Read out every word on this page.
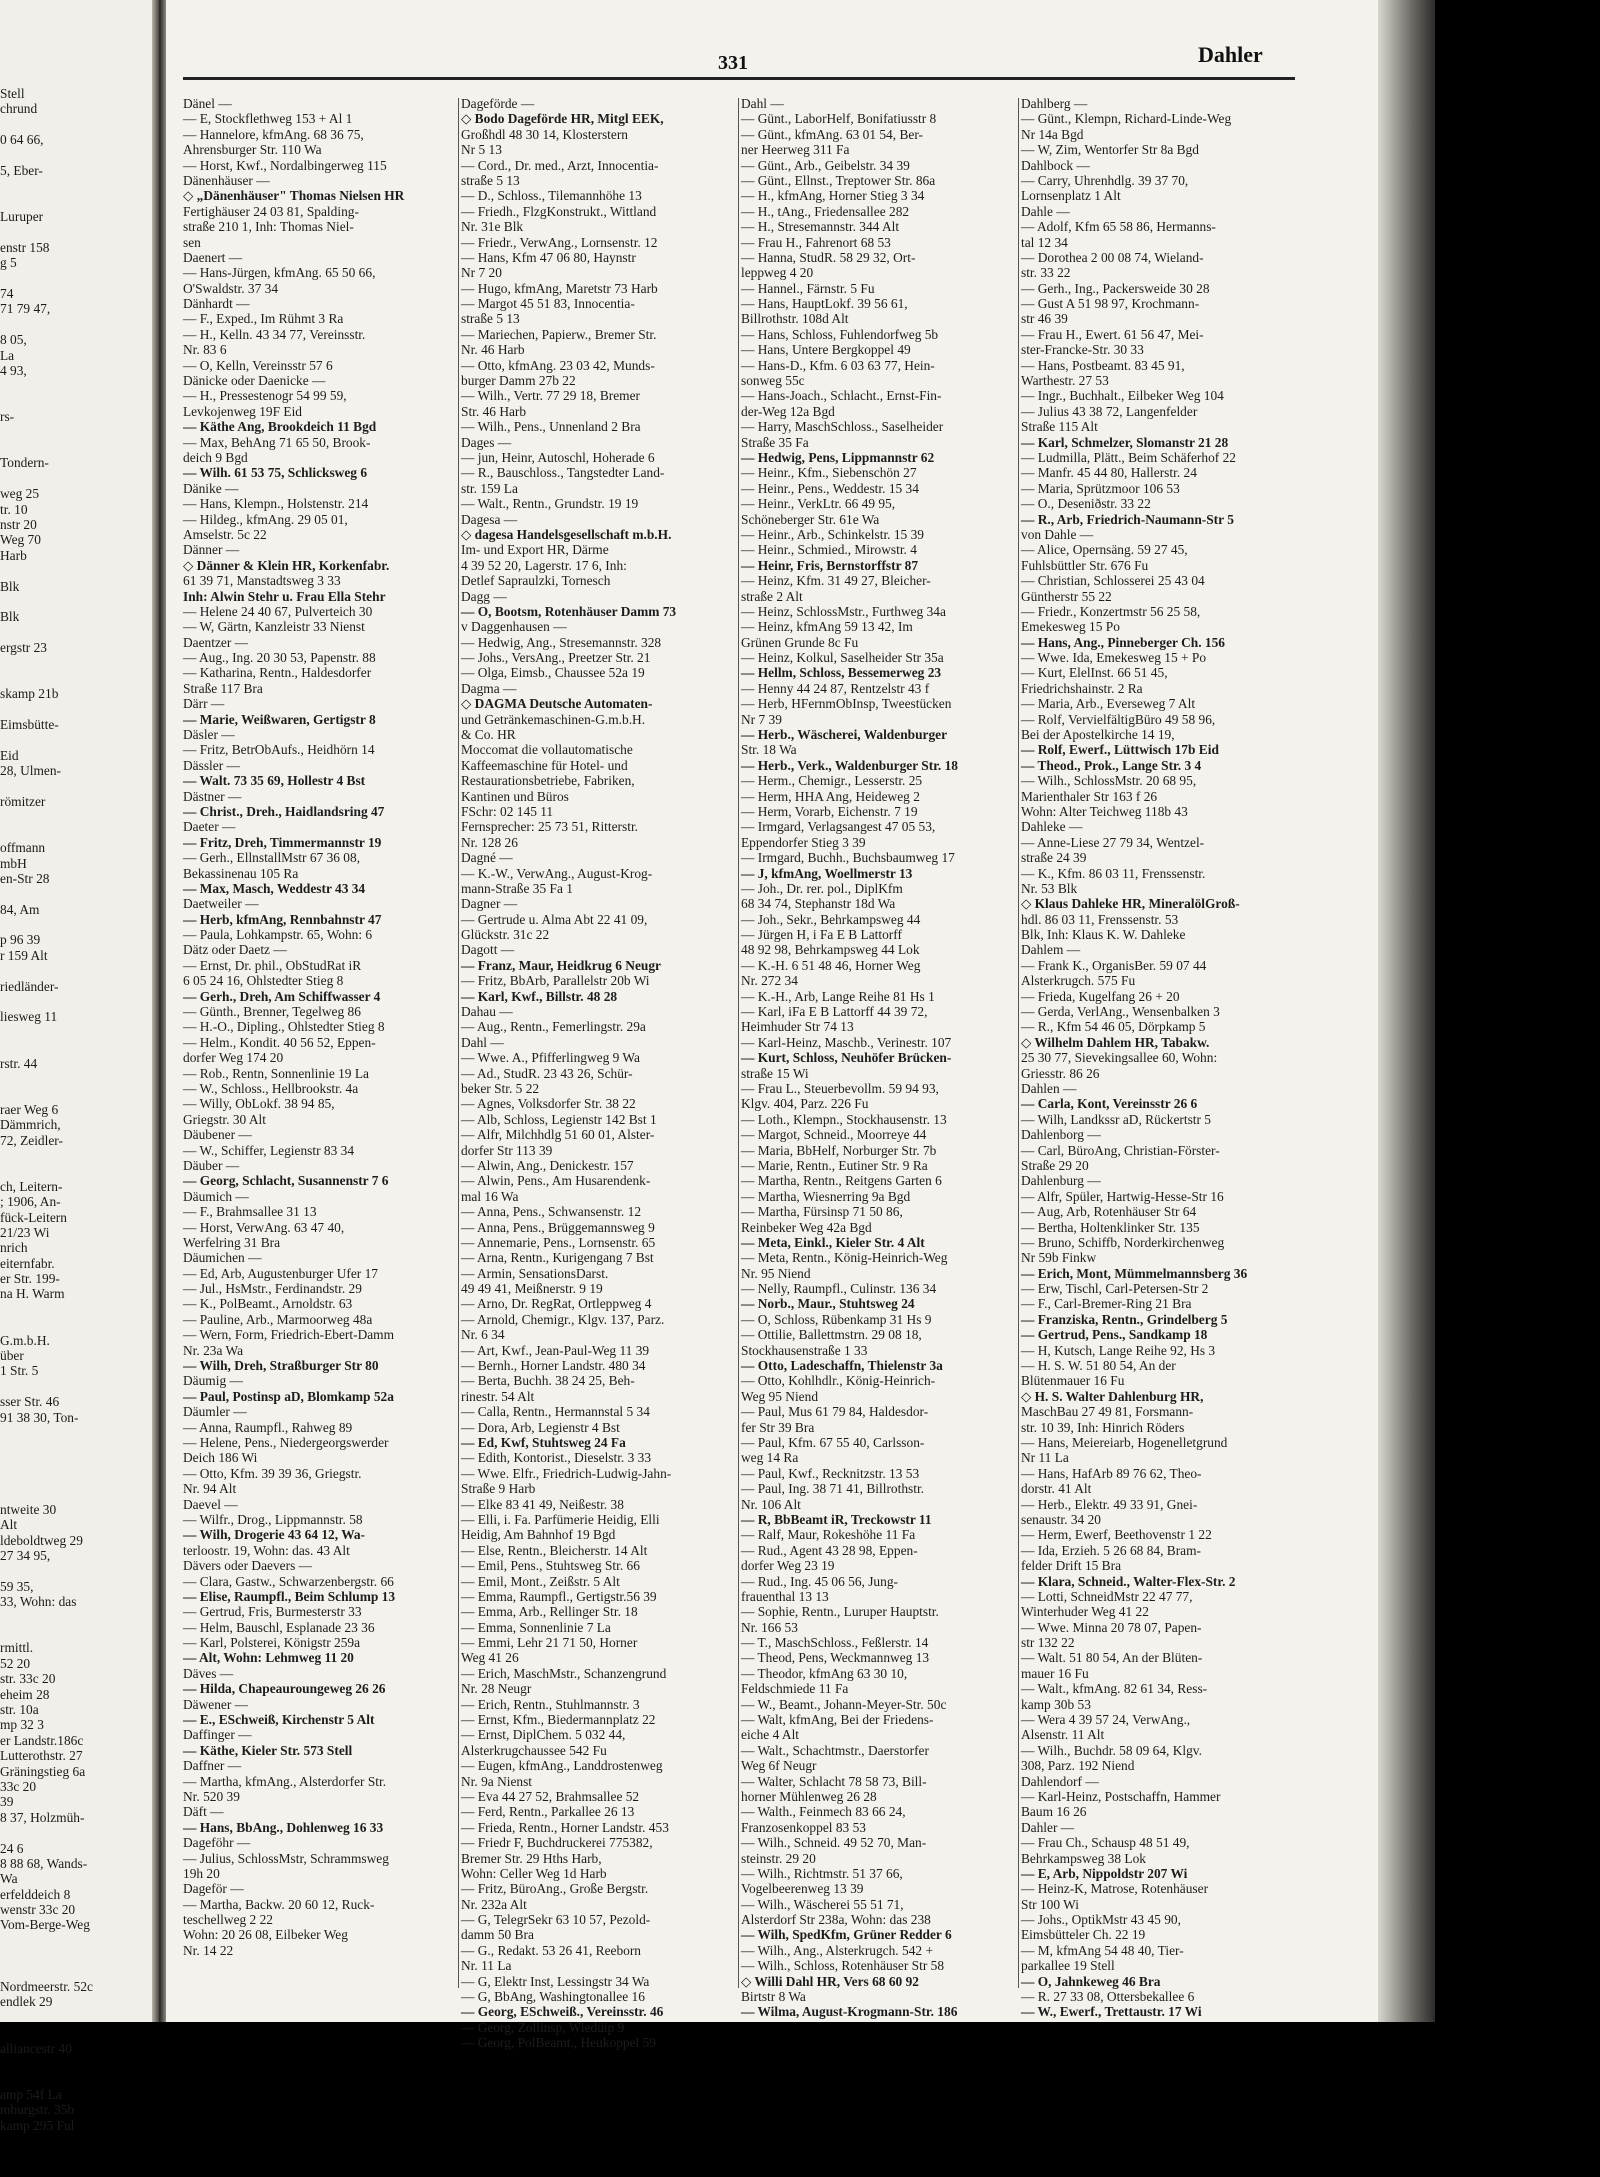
Stell
chrund
0 64 66,
5, Eber-
Luruper
enstr 158
g 5
74
71 79 47,
8 05,
La
4 93,
rs-
Tondern-
weg 25
tr. 10
nstr 20
Weg 70
Harb
Blk
Blk
ergstr 23
skamp 21b
Eimsbütte-
Eid
28, Ulmen-
römitzer
offmann
mbH
en-Str 28
84, Am
p 96 39
r 159 Alt
riedländer-
liesweg 11
rstr. 44
raer Weg 6
Dämmrich,
72, Zeidler-
ch, Leitern-
; 1906, An-
fück-Leitern
21/23 Wi
nrich
eiternfabr.
er Str. 199-
na H. Warm
G.m.b.H.
über
1 Str. 5
sser Str. 46
91 38 30, Ton-
ntweite 30
Alt
ldeboldtweg 29
27 34 95,
59 35,
33, Wohn: das
rmittl.
52 20
str. 33c 20
eheim 28
str. 10a
mp 32 3
er Landstr.186c
Lutterothstr. 27
Gräningstieg 6a
33c 20
39
8 37, Holzmüh-
24 6
8 88 68, Wands-
Wa
erfelddeich 8
wenstr 33c 20
Vom-Berge-Weg
Nordmeerstr. 52c
endlek 29
alliancestr 40
amp 54f La
mburgstr. 35b
kamp 295 Ful
331	Dahler
Dänel —
— E, Stockflethweg 153 + Al 1
— Hannelore, kfmAng. 68 36 75,
Ahrensburger Str. 110 Wa
— Horst, Kwf., Nordalbingerweg 115
Dänenhäuser —
◇ „Dänenhäuser" Thomas Nielsen HR
Fertighäuser 24 03 81, Spalding-
straße 210 1, Inh: Thomas Niel-
sen
Daenert —
— Hans-Jürgen, kfmAng. 65 50 66,
O'Swaldstr. 37 34
Dänhardt —
— F., Exped., Im Rühmt 3 Ra
— H., Kelln. 43 34 77, Vereinsstr.
Nr. 83 6
— O, Kelln, Vereinsstr 57 6
Dänicke oder Daenicke —
— H., Pressestenogr 54 99 59,
Levkojenweg 19F Eid
— Käthe Ang, Brookdeich 11 Bgd
— Max, BehAng 71 65 50, Brook-
deich 9 Bgd
— Wilh. 61 53 75, Schlicksweg 6
Dänike —
— Hans, Klempn., Holstenstr. 214
— Hildeg., kfmAng. 29 05 01,
Amselstr. 5c 22
Dänner —
◇ Dänner & Klein HR, Korkenfabr.
61 39 71, Manstadtsweg 3 33
Inh: Alwin Stehr u. Frau Ella Stehr
— Helene 24 40 67, Pulverteich 30
— W, Gärtn, Kanzleistr 33 Nienst
Daentzer —
— Aug., Ing. 20 30 53, Papenstr. 88
— Katharina, Rentn., Haldesdorfer
Straße 117 Bra
Därr —
— Marie, Weißwaren, Gertigstr 8
Däsler —
— Fritz, BetrObAufs., Heidhörn 14
Dässler —
— Walt. 73 35 69, Hollestr 4 Bst
Dästner —
— Christ., Dreh., Haidlandsring 47
Daeter —
— Fritz, Dreh, Timmermannstr 19
— Gerh., EllnstallMstr 67 36 08,
Bekassinenau 105 Ra
— Max, Masch, Weddestr 43 34
Daetweiler —
— Herb, kfmAng, Rennbahnstr 47
— Paula, Lohkampstr. 65, Wohn: 6
Dätz oder Daetz —
— Ernst, Dr. phil., ObStudRat iR
6 05 24 16, Ohlstedter Stieg 8
— Gerh., Dreh, Am Schiffwasser 4
— Günth., Brenner, Tegelweg 86
— H.-O., Dipling., Ohlstedter Stieg 8
— Helm., Kondit. 40 56 52, Eppen-
dorfer Weg 174 20
— Rob., Rentn, Sonnenlinie 19 La
— W., Schloss., Hellbrookstr. 4a
— Willy, ObLokf. 38 94 85,
Griegstr. 30 Alt
Däubener —
— W., Schiffer, Legienstr 83 34
Däuber —
— Georg, Schlacht, Susannenstr 7 6
Däumich —
— F., Brahmsallee 31 13
— Horst, VerwAng. 63 47 40,
Werfelring 31 Bra
Däumichen —
— Ed, Arb, Augustenburger Ufer 17
— Jul., HsMstr., Ferdinandstr. 29
— K., PolBeamt., Arnoldstr. 63
— Pauline, Arb., Marmoorweg 48a
— Wern, Form, Friedrich-Ebert-Damm
Nr. 23a Wa
— Wilh, Dreh, Straßburger Str 80
Däumig —
— Paul, Postinsp aD, Blomkamp 52a
Däumler —
— Anna, Raumpfl., Rahweg 89
— Helene, Pens., Niedergeorgswerder
Deich 186 Wi
— Otto, Kfm. 39 39 36, Griegstr.
Nr. 94 Alt
Daevel —
— Wilfr., Drog., Lippmannstr. 58
— Wilh, Drogerie 43 64 12, Wa-
terloostr. 19, Wohn: das. 43 Alt
Dävers oder Daevers —
— Clara, Gastw., Schwarzenbergstr. 66
— Elise, Raumpfl., Beim Schlump 13
— Gertrud, Fris, Burmesterstr 33
— Helm, Bauschl, Esplanade 23 36
— Karl, Polsterei, Königstr 259a
— Alt, Wohn: Lehmweg 11 20
Däves —
— Hilda, Chapeauroungeweg 26 26
Däwener —
— E., ESchweiß, Kirchenstr 5 Alt
Daffinger —
— Käthe, Kieler Str. 573 Stell
Daffner —
— Martha, kfmAng., Alsterdorfer Str.
Nr. 520 39
Däft —
— Hans, BbAng., Dohlenweg 16 33
Dageföhr —
— Julius, SchlossMstr, Schrammsweg
19h 20
Dageför —
— Martha, Backw. 20 60 12, Ruck-
teschellweg 2 22
Wohn: 20 26 08, Eilbeker Weg
Nr. 14 22
Dageförde —
◇ Bodo Dageförde HR, Mitgl EEK,
Großhdl 48 30 14, Klosterstern
Nr 5 13
— Cord., Dr. med., Arzt, Innocentia-
straße 5 13
— D., Schloss., Tilemannhöhe 13
— Friedh., FlzgKonstrukt., Wittland
Nr. 31e Blk
— Friedr., VerwAng., Lornsenstr. 12
— Hans, Kfm 47 06 80, Haynstr
Nr 7 20
— Hugo, kfmAng, Maretstr 73 Harb
— Margot 45 51 83, Innocentia-
straße 5 13
— Mariechen, Papierw., Bremer Str.
Nr. 46 Harb
— Otto, kfmAng. 23 03 42, Munds-
burger Damm 27b 22
— Wilh., Vertr. 77 29 18, Bremer
Str. 46 Harb
— Wilh., Pens., Unnenland 2 Bra
Dages —
— jun, Heinr, Autoschl, Hoherade 6
— R., Bauschloss., Tangstedter Land-
str. 159 La
— Walt., Rentn., Grundstr. 19 19
Dagesa —
◇ dagesa Handelsgesellschaft m.b.H.
Im- und Export HR, Därme
4 39 52 20, Lagerstr. 17 6, Inh:
Detlef Sapraulzki, Tornesch
Dagg —
— O, Bootsm, Rotenhäuser Damm 73
v Daggenhausen —
— Hedwig, Ang., Stresemannstr. 328
— Johs., VersAng., Preetzer Str. 21
— Olga, Eimsb., Chaussee 52a 19
Dagma —
◇ DAGMA Deutsche Automaten-
und Getränkemaschinen-G.m.b.H.
& Co. HR
Moccomat die vollautomatische
Kaffeemaschine für Hotel- und
Restaurationsbetriebe, Fabriken,
Kantinen und Büros
FSchr: 02 145 11
Fernsprecher: 25 73 51, Ritterstr.
Nr. 128 26
Dagné —
— K.-W., VerwAng., August-Krog-
mann-Straße 35 Fa 1
Dagner —
— Gertrude u. Alma Abt 22 41 09,
Glückstr. 31c 22
Dagott —
— Franz, Maur, Heidkrug 6 Neugr
— Fritz, BbArb, Parallelstr 20b Wi
— Karl, Kwf., Billstr. 48 28
Dahau —
— Aug., Rentn., Femerlingstr. 29a
Dahl —
— Wwe. A., Pfifferlingweg 9 Wa
— Ad., StudR. 23 43 26, Schür-
beker Str. 5 22
— Agnes, Volksdorfer Str. 38 22
— Alb, Schloss, Legienstr 142 Bst 1
— Alfr, Milchhdlg 51 60 01, Alster-
dorfer Str 113 39
— Alwin, Ang., Denickestr. 157
— Alwin, Pens., Am Husarendenk-
mal 16 Wa
— Anna, Pens., Schwansenstr. 12
— Anna, Pens., Brüggemannsweg 9
— Annemarie, Pens., Lornsenstr. 65
— Arna, Rentn., Kurigengang 7 Bst
— Armin, SensationsDarst.
49 49 41, Meißnerstr. 9 19
— Arno, Dr. RegRat, Ortleppweg 4
— Arnold, Chemigr., Klgv. 137, Parz.
Nr. 6 34
— Art, Kwf., Jean-Paul-Weg 11 39
— Bernh., Horner Landstr. 480 34
— Berta, Buchh. 38 24 25, Beh-
rinestr. 54 Alt
— Calla, Rentn., Hermannstal 5 34
— Dora, Arb, Legienstr 4 Bst
— Ed, Kwf, Stuhtsweg 24 Fa
— Edith, Kontorist., Dieselstr. 3 33
— Wwe. Elfr., Friedrich-Ludwig-Jahn-
Straße 9 Harb
— Elke 83 41 49, Neißestr. 38
— Elli, i. Fa. Parfümerie Heidig, Elli
Heidig, Am Bahnhof 19 Bgd
— Else, Rentn., Bleicherstr. 14 Alt
— Emil, Pens., Stuhtsweg Str. 66
— Emil, Mont., Zeißstr. 5 Alt
— Emma, Raumpfl., Gertigstr.56 39
— Emma, Arb., Rellinger Str. 18
— Emma, Sonnenlinie 7 La
— Emmi, Lehr 21 71 50, Horner
Weg 41 26
— Erich, MaschMstr., Schanzengrund
Nr. 28 Neugr
— Erich, Rentn., Stuhlmannstr. 3
— Ernst, Kfm., Biedermannplatz 22
— Ernst, DiplChem. 5 032 44,
Alsterkrugchaussee 542 Fu
— Eugen, kfmAng., Landdrostenweg
Nr. 9a Nienst
— Eva 44 27 52, Brahmsallee 52
— Ferd, Rentn., Parkallee 26 13
— Frieda, Rentn., Horner Landstr. 453
— Friedr F, Buchdruckerei 775382,
Bremer Str. 29 Hths Harb,
Wohn: Celler Weg 1d Harb
— Fritz, BüroAng., Große Bergstr.
Nr. 232a Alt
— G, TelegrSekr 63 10 57, Pezold-
damm 50 Bra
— G., Redakt. 53 26 41, Reeborn
Nr. 11 La
— G, Elektr Inst, Lessingstr 34 Wa
— G, BbAng, Washingtonallee 16
— Georg, ESchweiß., Vereinsstr. 46
— Georg, Zollinsp, Wiedüip 9
— Georg, PolBeamt., Heukoppel 59
Dahl —
— Günt., LaborHelf, Bonifatiusstr 8
— Günt., kfmAng. 63 01 54, Ber-
ner Heerweg 311 Fa
— Günt., Arb., Geibelstr. 34 39
— Günt., Ellnst., Treptower Str. 86a
— H., kfmAng, Horner Stieg 3 34
— H., tAng., Friedensallee 282
— H., Stresemannstr. 344 Alt
— Frau H., Fahrenort 68 53
— Hanna, StudR. 58 29 32, Ort-
leppweg 4 20
— Hannel., Färnstr. 5 Fu
— Hans, HauptLokf. 39 56 61,
Billrothstr. 108d Alt
— Hans, Schloss, Fuhlendorfweg 5b
— Hans, Untere Bergkoppel 49
— Hans-D., Kfm. 6 03 63 77, Hein-
sonweg 55c
— Hans-Joach., Schlacht., Ernst-Fin-
der-Weg 12a Bgd
— Harry, MaschSchloss., Saselheider
Straße 35 Fa
— Hedwig, Pens, Lippmannstr 62
— Heinr., Kfm., Siebenschön 27
— Heinr., Pens., Weddestr. 15 34
— Heinr., VerkLtr. 66 49 95,
Schöneberger Str. 61e Wa
— Heinr., Arb., Schinkelstr. 15 39
— Heinr., Schmied., Mirowstr. 4
— Heinr, Fris, Bernstorffstr 87
— Heinz, Kfm. 31 49 27, Bleicher-
straße 2 Alt
— Heinz, SchlossMstr., Furthweg 34a
— Heinz, kfmAng 59 13 42, Im
Grünen Grunde 8c Fu
— Heinz, Kolkul, Saselheider Str 35a
— Hellm, Schloss, Bessemerweg 23
— Henny 44 24 87, Rentzelstr 43 f
— Herb, HFernmObInsp, Tweestücken
Nr 7 39
— Herb., Wäscherei, Waldenburger
Str. 18 Wa
— Herb., Verk., Waldenburger Str. 18
— Herm., Chemigr., Lesserstr. 25
— Herm, HHA Ang, Heideweg 2
— Herm, Vorarb, Eichenstr. 7 19
— Irmgard, Verlagsangest 47 05 53,
Eppendorfer Stieg 3 39
— Irmgard, Buchh., Buchsbaumweg 17
— J, kfmAng, Woellmerstr 13
— Joh., Dr. rer. pol., DiplKfm
68 34 74, Stephanstr 18d Wa
— Joh., Sekr., Behrkampsweg 44
— Jürgen H, i Fa E B Lattorff
48 92 98, Behrkampsweg 44 Lok
— K.-H. 6 51 48 46, Horner Weg
Nr. 272 34
— K.-H., Arb, Lange Reihe 81 Hs 1
— Karl, iFa E B Lattorff 44 39 72,
Heimhuder Str 74 13
— Karl-Heinz, Maschb., Verinestr. 107
— Kurt, Schloss, Neuhöfer Brücken-
straße 15 Wi
— Frau L., Steuerbevollm. 59 94 93,
Klgv. 404, Parz. 226 Fu
— Loth., Klempn., Stockhausenstr. 13
— Margot, Schneid., Moorreye 44
— Maria, BbHelf, Norburger Str. 7b
— Marie, Rentn., Eutiner Str. 9 Ra
— Martha, Rentn., Reitgens Garten 6
— Martha, Wiesnerring 9a Bgd
— Martha, Fürsinsp 71 50 86,
Reinbeker Weg 42a Bgd
— Meta, Einkl., Kieler Str. 4 Alt
— Meta, Rentn., König-Heinrich-Weg
Nr. 95 Niend
— Nelly, Raumpfl., Culinstr. 136 34
— Norb., Maur., Stuhtsweg 24
— O, Schloss, Rübenkamp 31 Hs 9
— Ottilie, Ballettmstrn. 29 08 18,
Stockhausenstraße 1 33
— Otto, Ladeschaffn, Thielenstr 3a
— Otto, Kohlhdlr., König-Heinrich-
Weg 95 Niend
— Paul, Mus 61 79 84, Haldesdor-
fer Str 39 Bra
— Paul, Kfm. 67 55 40, Carlsson-
weg 14 Ra
— Paul, Kwf., Recknitzstr. 13 53
— Paul, Ing. 38 71 41, Billrothstr.
Nr. 106 Alt
— R, BbBeamt iR, Treckowstr 11
— Ralf, Maur, Rokeshöhe 11 Fa
— Rud., Agent 43 28 98, Eppen-
dorfer Weg 23 19
— Rud., Ing. 45 06 56, Jung-
frauenthal 13 13
— Sophie, Rentn., Luruper Hauptstr.
Nr. 166 53
— T., MaschSchloss., Feßlerstr. 14
— Theod, Pens, Weckmannweg 13
— Theodor, kfmAng 63 30 10,
Feldschmiede 11 Fa
— W., Beamt., Johann-Meyer-Str. 50c
— Walt, kfmAng, Bei der Friedens-
eiche 4 Alt
— Walt., Schachtmstr., Daerstorfer
Weg 6f Neugr
— Walter, Schlacht 78 58 73, Bill-
horner Mühlenweg 26 28
— Walth., Feinmech 83 66 24,
Franzosenkoppel 83 53
— Wilh., Schneid. 49 52 70, Man-
steinstr. 29 20
— Wilh., Richtmstr. 51 37 66,
Vogelbeerenweg 13 39
— Wilh., Wäscherei 55 51 71,
Alsterdorf Str 238a, Wohn: das 238
— Wilh, SpedKfm, Grüner Redder 6
— Wilh., Ang., Alsterkrugch. 542 +
— Wilh., Schloss, Rotenhäuser Str 58
◇ Willi Dahl HR, Vers 68 60 92
Birtstr 8 Wa
— Wilma, August-Krogmann-Str. 186
Dahlberg —
— Günt., Klempn, Richard-Linde-Weg
Nr 14a Bgd
— W, Zim, Wentorfer Str 8a Bgd
Dahlbock —
— Carry, Uhrenhdlg. 39 37 70,
Lornsenplatz 1 Alt
Dahle —
— Adolf, Kfm 65 58 86, Hermanns-
tal 12 34
— Dorothea 2 00 08 74, Wieland-
str. 33 22
— Gerh., Ing., Packersweide 30 28
— Gust A 51 98 97, Krochmann-
str 46 39
— Frau H., Ewert. 61 56 47, Mei-
ster-Francke-Str. 30 33
— Hans, Postbeamt. 83 45 91,
Warthestr. 27 53
— Ingr., Buchhalt., Eilbeker Weg 104
— Julius 43 38 72, Langenfelder
Straße 115 Alt
— Karl, Schmelzer, Slomanstr 21 28
— Ludmilla, Plätt., Beim Schäferhof 22
— Manfr. 45 44 80, Hallerstr. 24
— Maria, Sprützmoor 106 53
— O., Deseniðstr. 33 22
— R., Arb, Friedrich-Naumann-Str 5
von Dahle —
— Alice, Opernsäng. 59 27 45,
Fuhlsbüttler Str. 676 Fu
— Christian, Schlosserei 25 43 04
Güntherstr 55 22
— Friedr., Konzertmstr 56 25 58,
Emekesweg 15 Po
— Hans, Ang., Pinneberger Ch. 156
— Wwe. Ida, Emekesweg 15 + Po
— Kurt, ElelInst. 66 51 45,
Friedrichshainstr. 2 Ra
— Maria, Arb., Everseweg 7 Alt
— Rolf, VervielfältigBüro 49 58 96,
Bei der Apostelkirche 14 19,
— Rolf, Ewerf., Lüttwisch 17b Eid
— Theod., Prok., Lange Str. 3 4
— Wilh., SchlossMstr. 20 68 95,
Marienthaler Str 163 f 26
Wohn: Alter Teichweg 118b 43
Dahleke —
— Anne-Liese 27 79 34, Wentzel-
straße 24 39
— K., Kfm. 86 03 11, Frenssenstr.
Nr. 53 Blk
◇ Klaus Dahleke HR, MineralölGroß-
hdl. 86 03 11, Frenssenstr. 53
Blk, Inh: Klaus K. W. Dahleke
Dahlem —
— Frank K., OrganisBer. 59 07 44
Alsterkrugch. 575 Fu
— Frieda, Kugelfang 26 + 20
— Gerda, VerlAng., Wensenbalken 3
— R., Kfm 54 46 05, Dörpkamp 5
◇ Wilhelm Dahlem HR, Tabakw.
25 30 77, Sievekingsallee 60, Wohn:
Griesstr. 86 26
Dahlen —
— Carla, Kont, Vereinsstr 26 6
— Wilh, Landkssr aD, Rückertstr 5
Dahlenborg —
— Carl, BüroAng, Christian-Förster-
Straße 29 20
Dahlenburg —
— Alfr, Spüler, Hartwig-Hesse-Str 16
— Aug, Arb, Rotenhäuser Str 64
— Bertha, Holtenklinker Str. 135
— Bruno, Schiffb, Norderkirchenweg
Nr 59b Finkw
— Erich, Mont, Mümmelmannsberg 36
— Erw, Tischl, Carl-Petersen-Str 2
— F., Carl-Bremer-Ring 21 Bra
— Franziska, Rentn., Grindelberg 5
— Gertrud, Pens., Sandkamp 18
— H, Kutsch, Lange Reihe 92, Hs 3
— H. S. W. 51 80 54, An der
Blütenmauer 16 Fu
◇ H. S. Walter Dahlenburg HR,
MaschBau 27 49 81, Forsmann-
str. 10 39, Inh: Hinrich Röders
— Hans, Meiereiarb, Hogenelletgrund
Nr 11 La
— Hans, HafArb 89 76 62, Theo-
dorstr. 41 Alt
— Herb., Elektr. 49 33 91, Gnei-
senaustr. 34 20
— Herm, Ewerf, Beethovenstr 1 22
— Ida, Erzieh. 5 26 68 84, Bram-
felder Drift 15 Bra
— Klara, Schneid., Walter-Flex-Str. 2
— Lotti, SchneidMstr 22 47 77,
Winterhuder Weg 41 22
— Wwe. Minna 20 78 07, Papen-
str 132 22
— Walt. 51 80 54, An der Blüten-
mauer 16 Fu
— Walt., kfmAng. 82 61 34, Ress-
kamp 30b 53
— Wera 4 39 57 24, VerwAng.,
Alsenstr. 11 Alt
— Wilh., Buchdr. 58 09 64, Klgv.
308, Parz. 192 Niend
Dahlendorf —
— Karl-Heinz, Postschaffn, Hammer
Baum 16 26
Dahler —
— Frau Ch., Schausp 48 51 49,
Behrkampsweg 38 Lok
— E, Arb, Nippoldstr 207 Wi
— Heinz-K, Matrose, Rotenhäuser
Str 100 Wi
— Johs., OptikMstr 43 45 90,
Eimsbütteler Ch. 22 19
— M, kfmAng 54 48 40, Tier-
parkallee 19 Stell
— O, Jahnkeweg 46 Bra
— R. 27 33 08, Ottersbekallee 6
— W., Ewerf., Trettaustr. 17 Wi
